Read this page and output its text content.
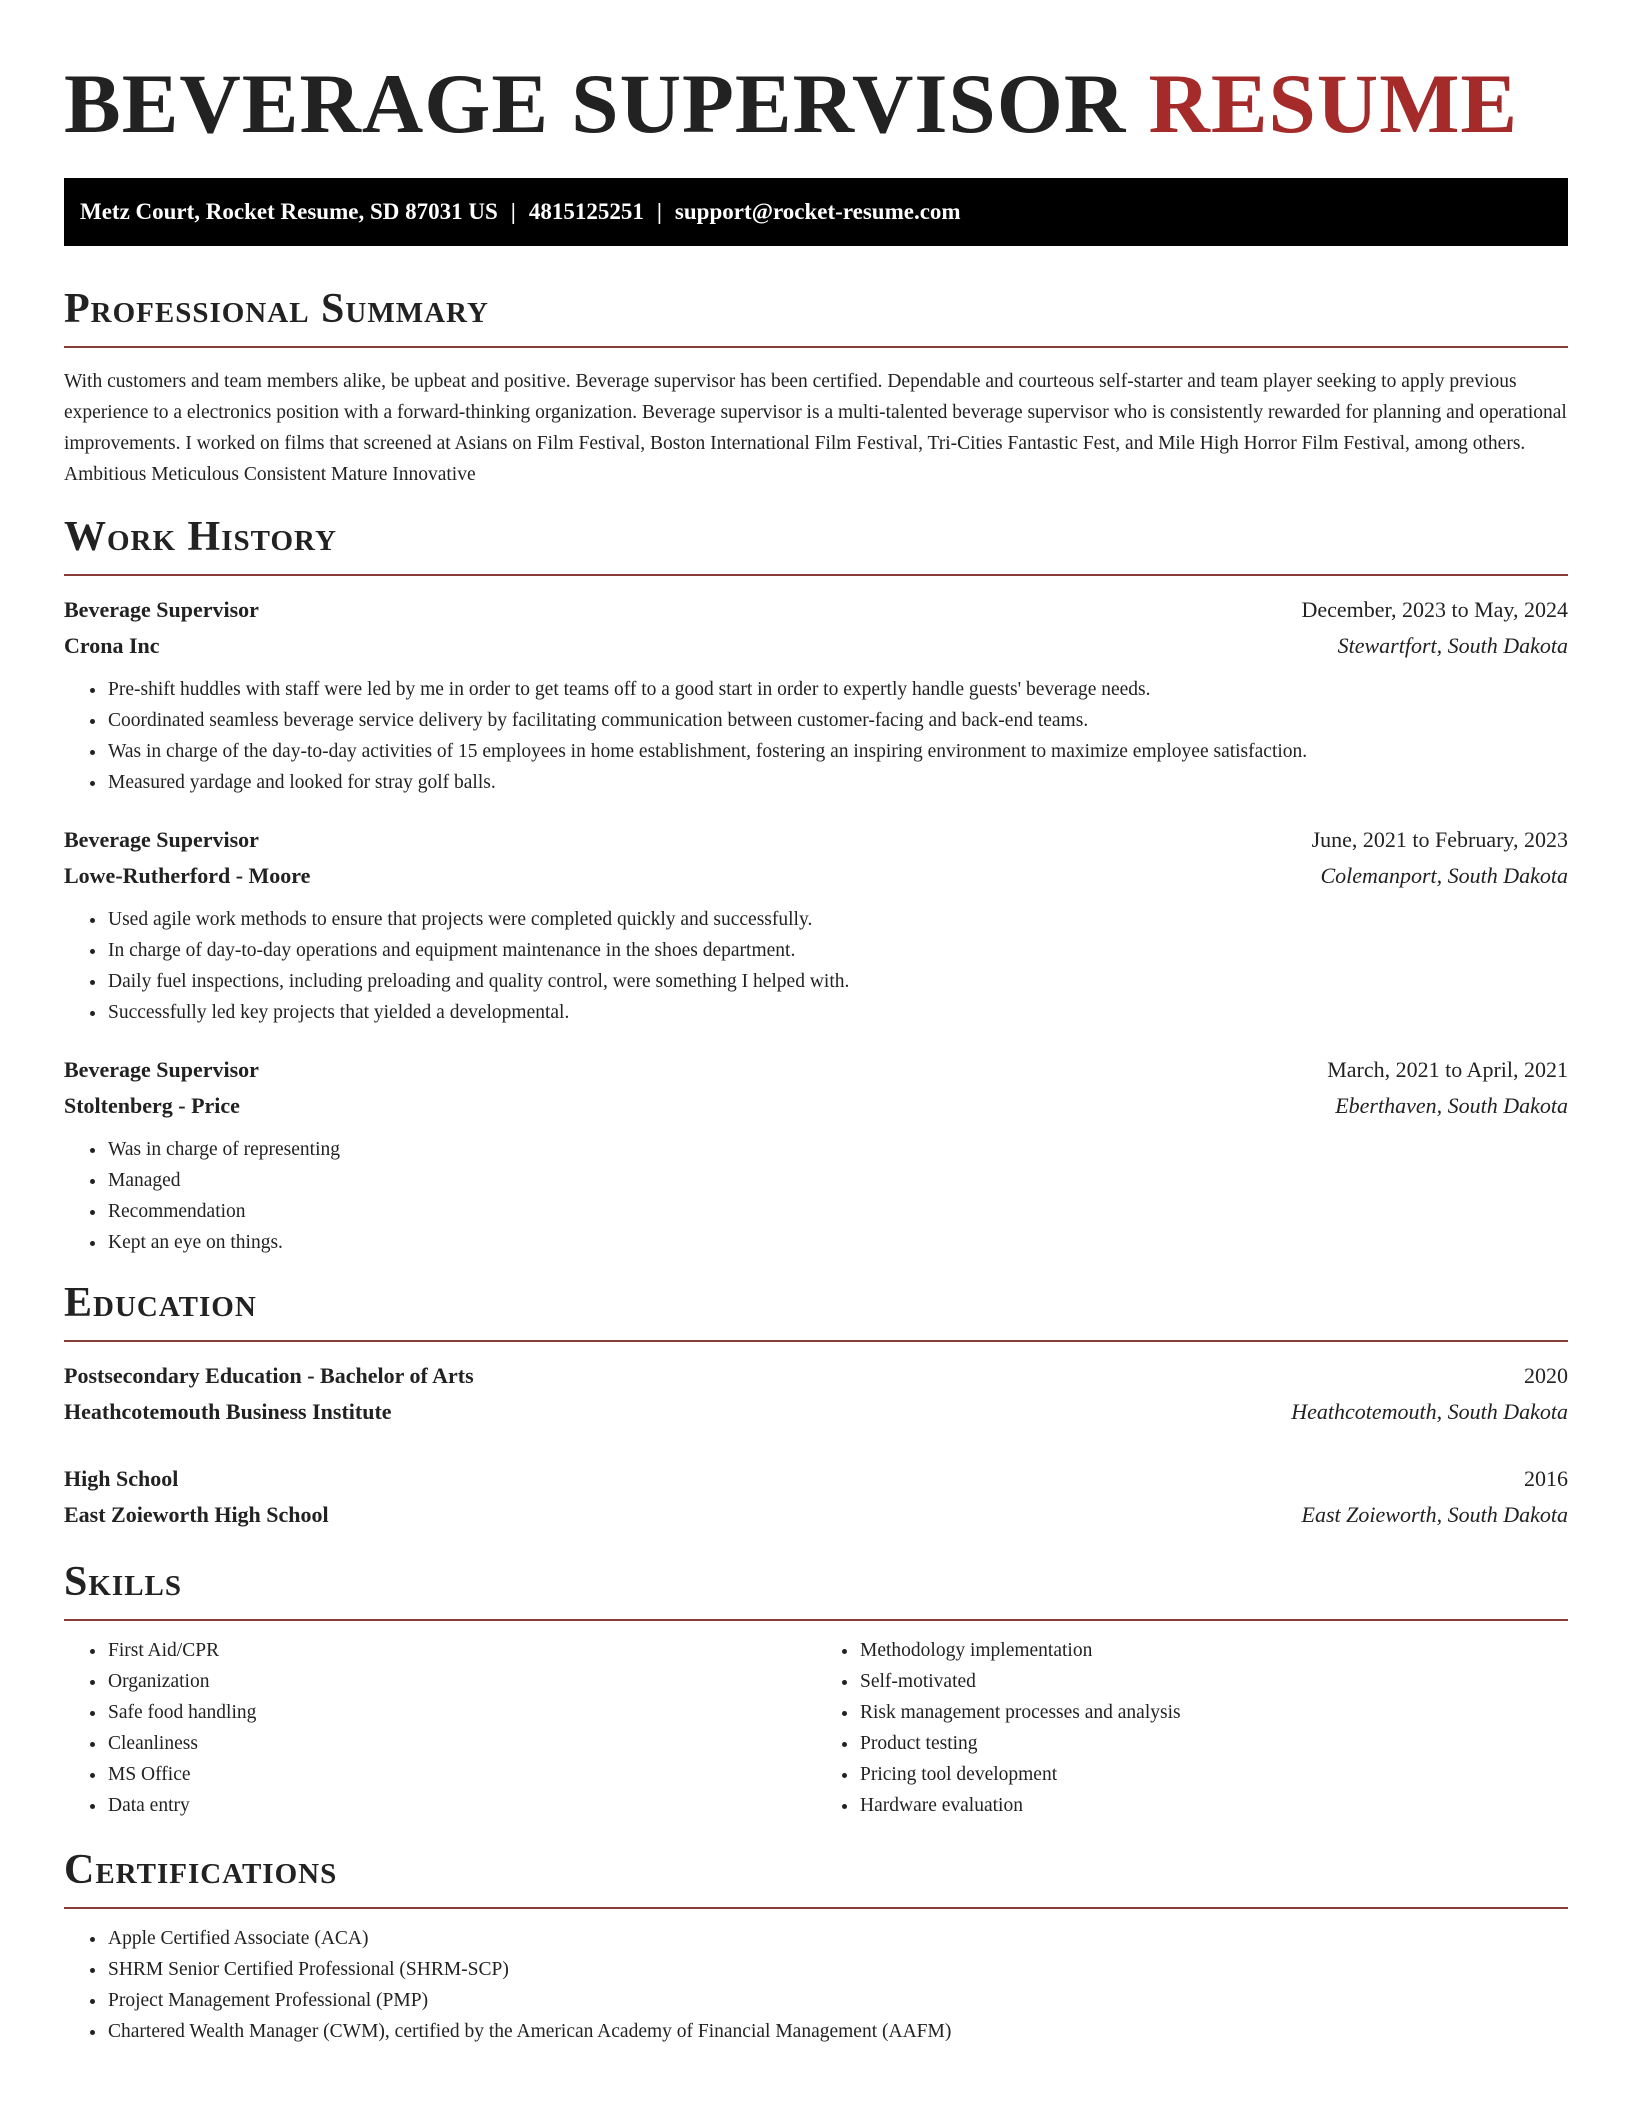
BEVERAGE SUPERVISOR RESUME
Metz Court, Rocket Resume, SD 87031 US | 4815125251 | support@rocket-resume.com
Professional Summary

With customers and team members alike, be upbeat and positive. Beverage supervisor has been certified. Dependable and courteous self-starter and team player seeking to apply previous experience to a electronics position with a forward-thinking organization. Beverage supervisor is a multi-talented beverage supervisor who is consistently rewarded for planning and operational improvements. I worked on films that screened at Asians on Film Festival, Boston International Film Festival, Tri-Cities Fantastic Fest, and Mile High Horror Film Festival, among others. Ambitious Meticulous Consistent Mature Innovative

Work History
Beverage Supervisor	December, 2023 to May, 2024
Crona Inc	Stewartfort, South Dakota
• Pre-shift huddles with staff were led by me in order to get teams off to a good start in order to expertly handle guests' beverage needs.
• Coordinated seamless beverage service delivery by facilitating communication between customer-facing and back-end teams.
• Was in charge of the day-to-day activities of 15 employees in home establishment, fostering an inspiring environment to maximize employee satisfaction.
• Measured yardage and looked for stray golf balls.
Beverage Supervisor	June, 2021 to February, 2023
Lowe-Rutherford - Moore	Colemanport, South Dakota
• Used agile work methods to ensure that projects were completed quickly and successfully.
• In charge of day-to-day operations and equipment maintenance in the shoes department.
• Daily fuel inspections, including preloading and quality control, were something I helped with.
• Successfully led key projects that yielded a developmental.
Beverage Supervisor	March, 2021 to April, 2021
Stoltenberg - Price	Eberthaven, South Dakota
• Was in charge of representing
• Managed
• Recommendation
• Kept an eye on things.
Education
Postsecondary Education - Bachelor of Arts	2020
Heathcotemouth Business Institute	Heathcotemouth, South Dakota
High School	2016
East Zoieworth High School	East Zoieworth, South Dakota
Skills
• First Aid/CPR
• Organization
• Safe food handling
• Cleanliness
• MS Office
• Data entry
• Methodology implementation
• Self-motivated
• Risk management processes and analysis
• Product testing
• Pricing tool development
• Hardware evaluation
Certifications
• Apple Certified Associate (ACA)
• SHRM Senior Certified Professional (SHRM-SCP)
• Project Management Professional (PMP)
• Chartered Wealth Manager (CWM), certified by the American Academy of Financial Management (AAFM)
